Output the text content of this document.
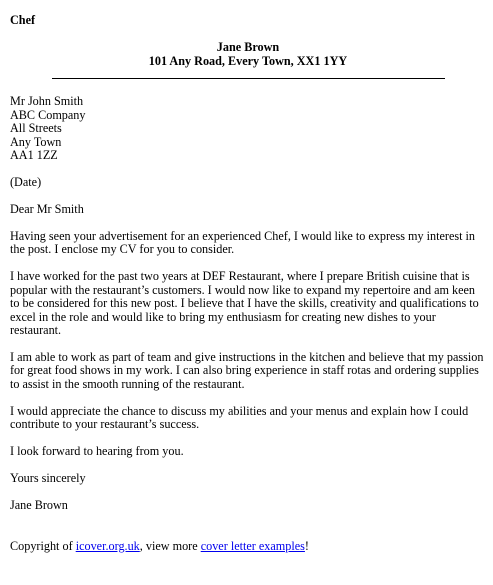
Chef
Jane Brown
101 Any Road, Every Town, XX1 1YY
Mr John Smith
ABC Company
All Streets
Any Town
AA1 1ZZ

(Date)

Dear Mr Smith

Having seen your advertisement for an experienced Chef, I would like to express my interest in the post. I enclose my CV for you to consider.

I have worked for the past two years at DEF Restaurant, where I prepare British cuisine that is popular with the restaurant’s customers. I would now like to expand my repertoire and am keen to be considered for this new post. I believe that I have the skills, creativity and qualifications to excel in the role and would like to bring my enthusiasm for creating new dishes to your restaurant.

I am able to work as part of team and give instructions in the kitchen and believe that my passion for great food shows in my work. I can also bring experience in staff rotas and ordering supplies to assist in the smooth running of the restaurant.

I would appreciate the chance to discuss my abilities and your menus and explain how I could contribute to your restaurant’s success.

I look forward to hearing from you.

Yours sincerely

Jane Brown

Copyright of icover.org.uk, view more cover letter examples!
